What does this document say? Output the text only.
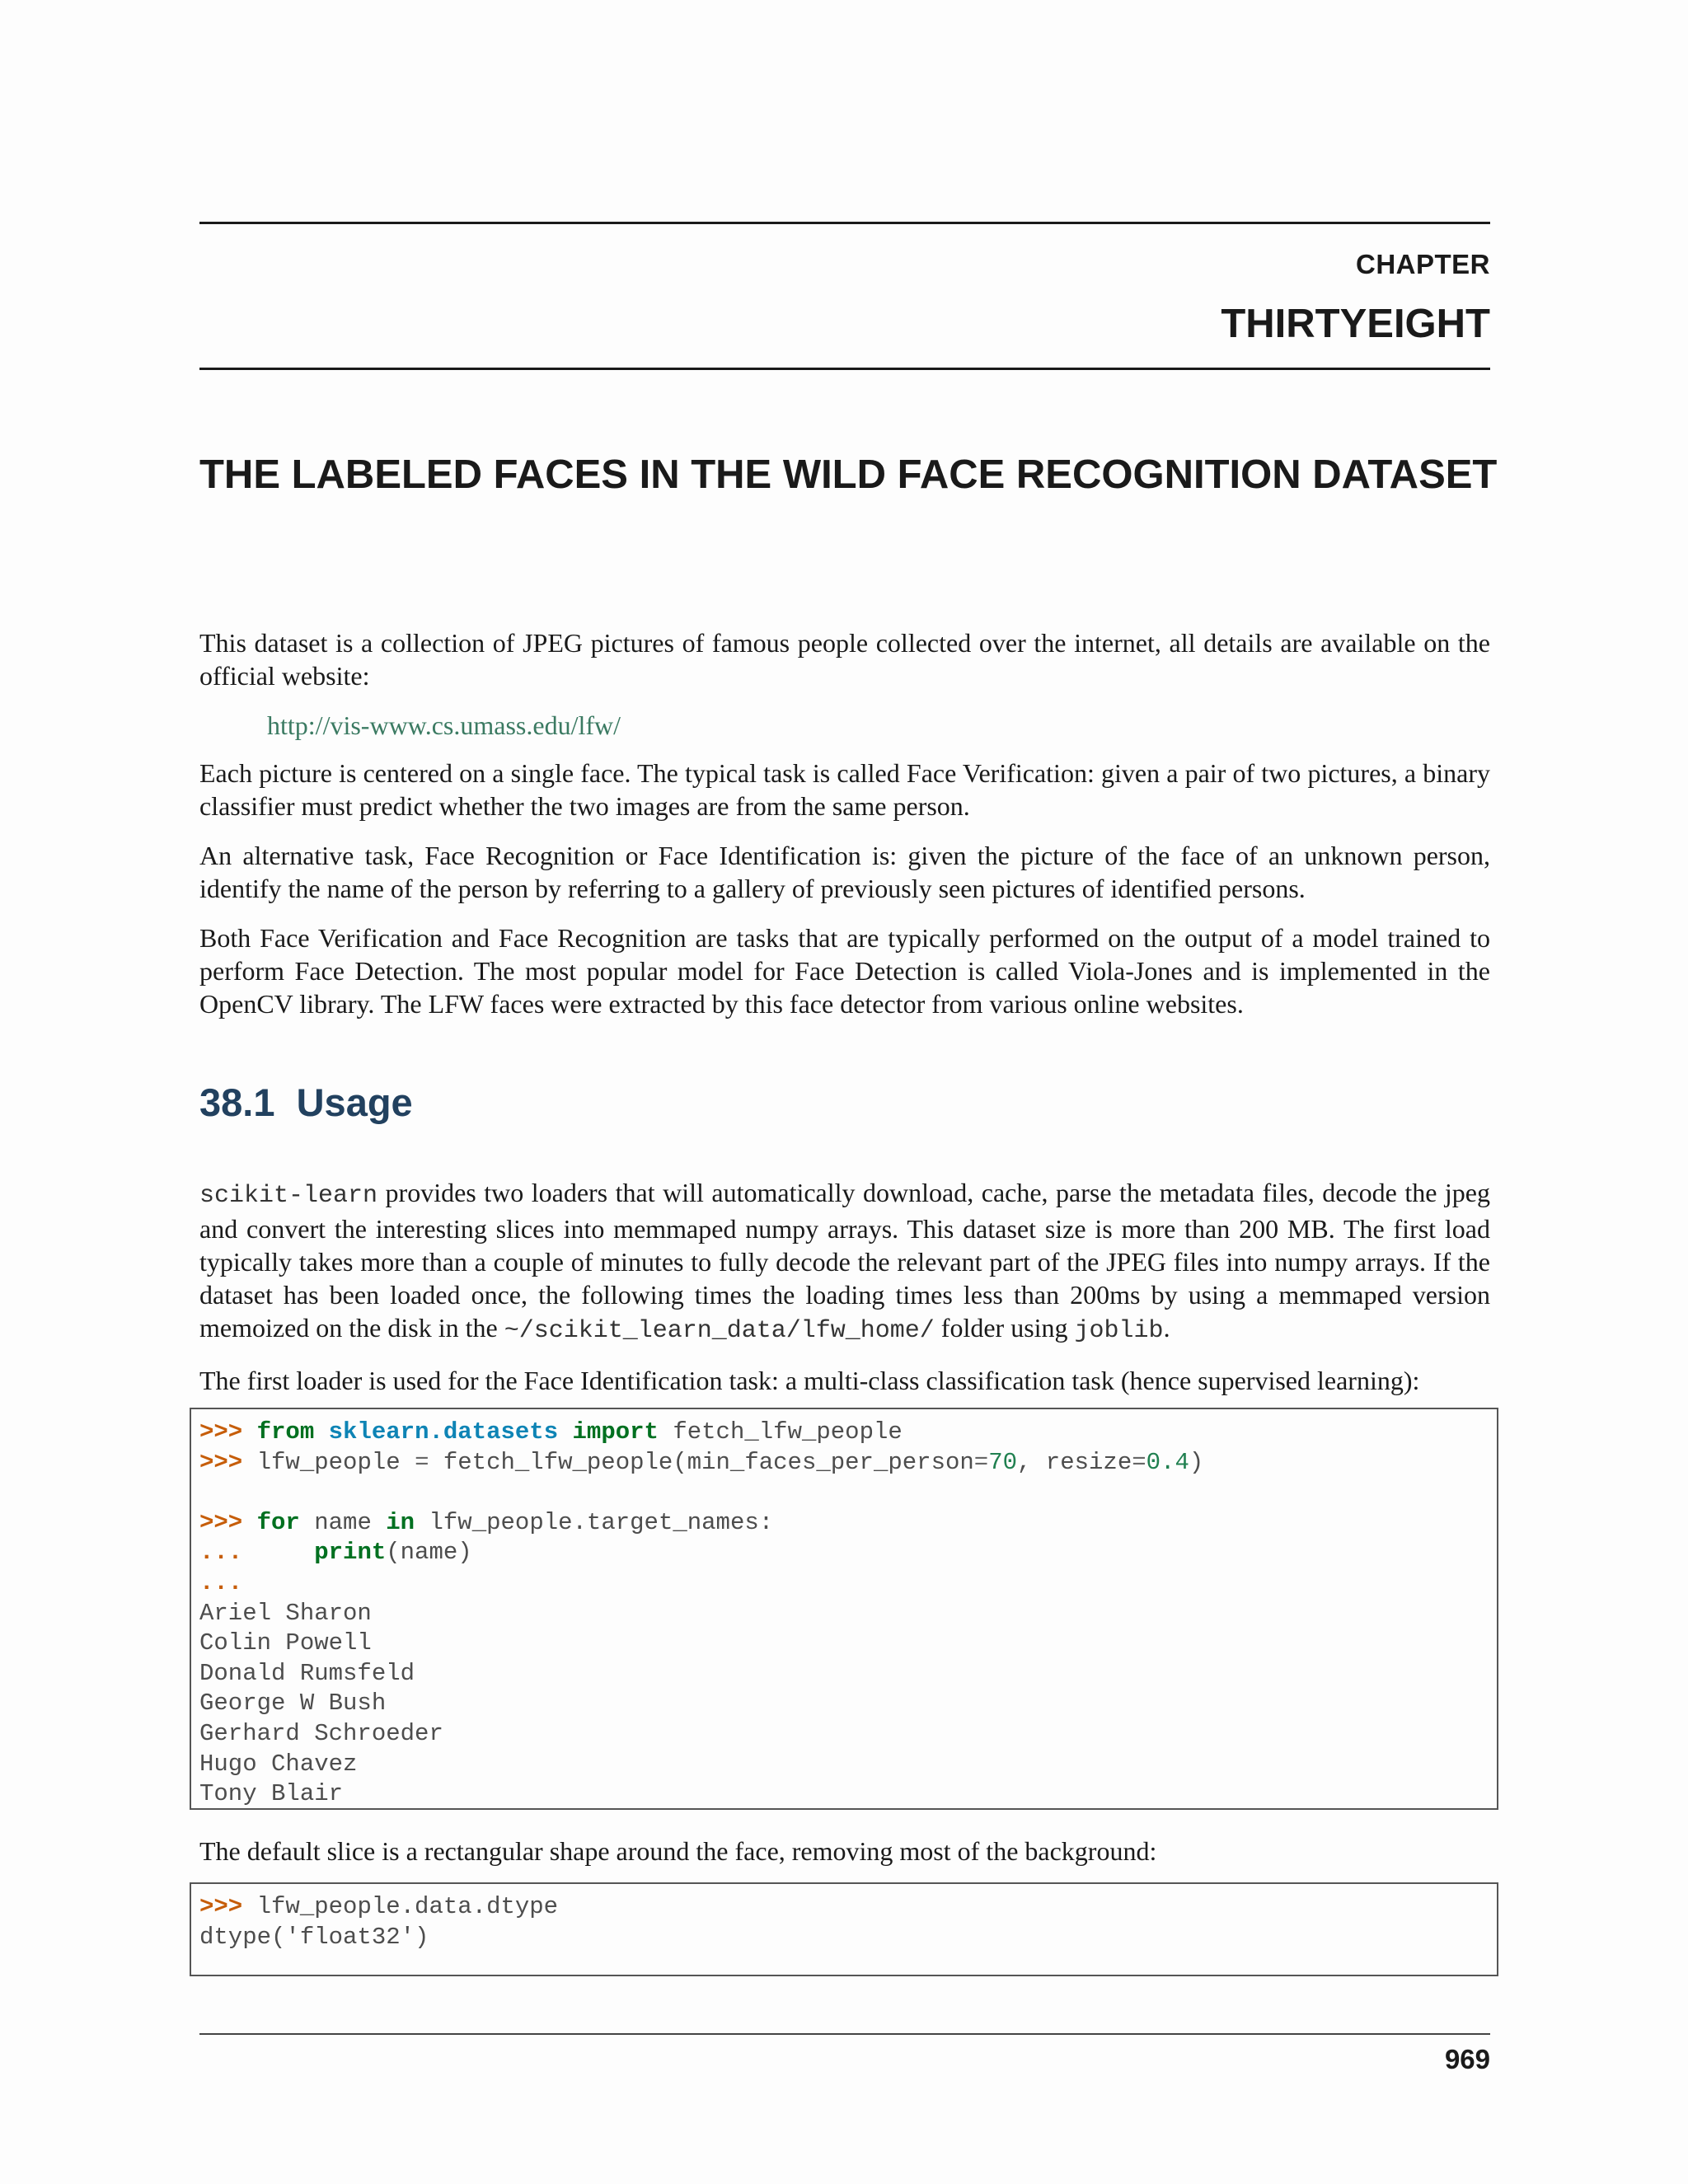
CHAPTER
THIRTYEIGHT
THE LABELED FACES IN THE WILD FACE RECOGNITION DATASET

This dataset is a collection of JPEG pictures of famous people collected over the internet, all details are available on the official website:

http://vis-www.cs.umass.edu/lfw/

Each picture is centered on a single face. The typical task is called Face Verification: given a pair of two pictures, a binary classifier must predict whether the two images are from the same person.

An alternative task, Face Recognition or Face Identification is: given the picture of the face of an unknown person, identify the name of the person by referring to a gallery of previously seen pictures of identified persons.

Both Face Verification and Face Recognition are tasks that are typically performed on the output of a model trained to perform Face Detection. The most popular model for Face Detection is called Viola-Jones and is implemented in the OpenCV library. The LFW faces were extracted by this face detector from various online websites.

38.1 Usage

scikit-learn provides two loaders that will automatically download, cache, parse the metadata files, decode the jpeg and convert the interesting slices into memmaped numpy arrays. This dataset size is more than 200 MB. The first load typically takes more than a couple of minutes to fully decode the relevant part of the JPEG files into numpy arrays. If the dataset has been loaded once, the following times the loading times less than 200ms by using a memmaped version memoized on the disk in the ~/scikit_learn_data/lfw_home/ folder using joblib.

The first loader is used for the Face Identification task: a multi-class classification task (hence supervised learning):

>>> from sklearn.datasets import fetch_lfw_people
>>> lfw_people = fetch_lfw_people(min_faces_per_person=70, resize=0.4)
>>> for name in lfw_people.target_names:
...	print(name)
...
Ariel Sharon
Colin Powell
Donald Rumsfeld
George W Bush
Gerhard Schroeder
Hugo Chavez
Tony Blair

The default slice is a rectangular shape around the face, removing most of the background:

>>> lfw_people.data.dtype
dtype('float32')
969
